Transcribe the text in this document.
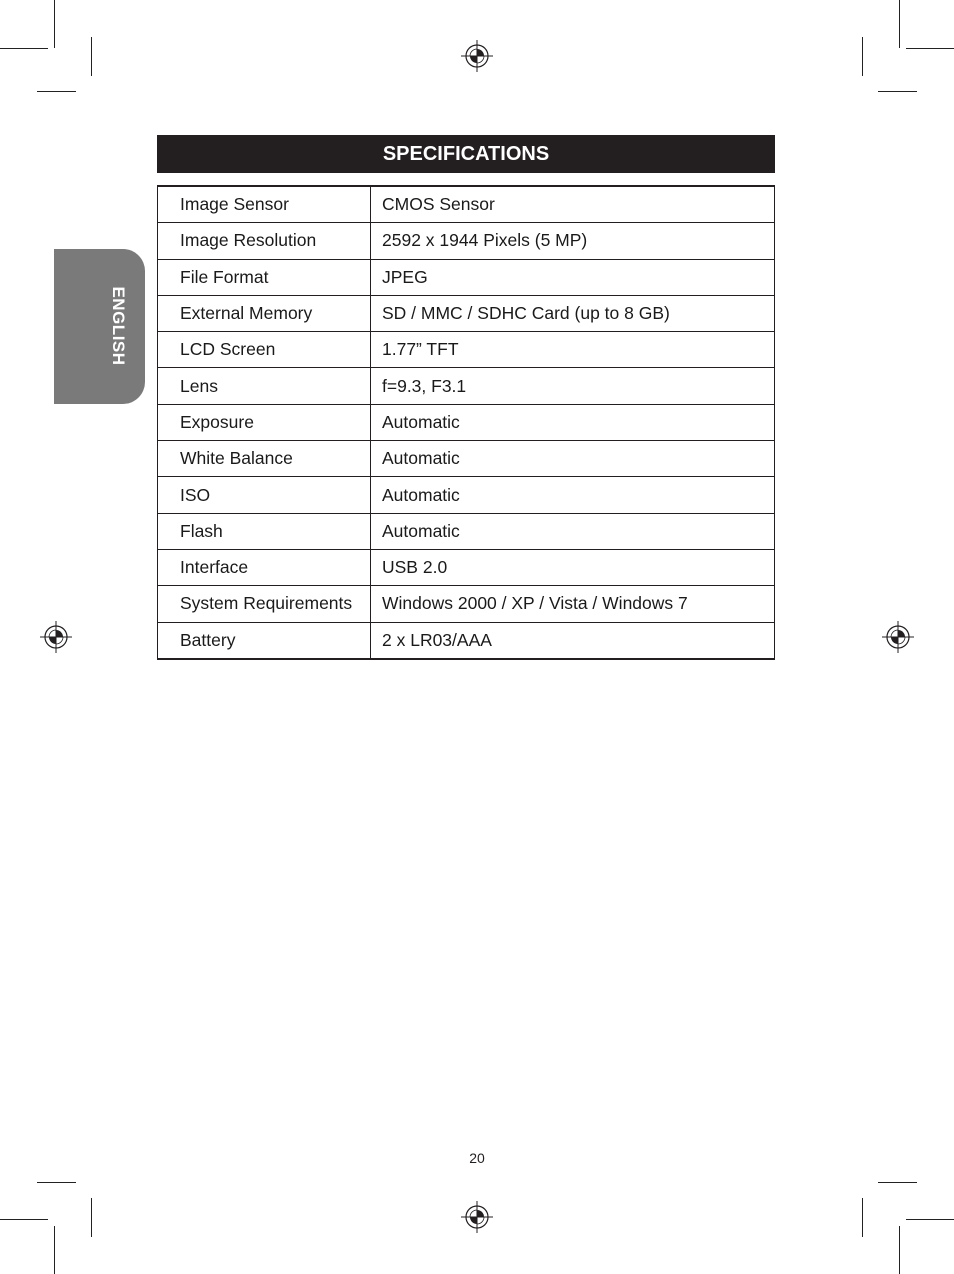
ENGLISH
SPECIFICATIONS
Image Sensor	CMOS Sensor
Image Resolution	2592 x 1944 Pixels (5 MP)
File Format	JPEG
External Memory	SD / MMC / SDHC Card (up to 8 GB)
LCD Screen	1.77” TFT
Lens	f=9.3, F3.1
Exposure	Automatic
White Balance	Automatic
ISO	Automatic
Flash	Automatic
Interface	USB 2.0
System Requirements	Windows 2000 / XP / Vista / Windows 7
Battery	2 x LR03/AAA
20
